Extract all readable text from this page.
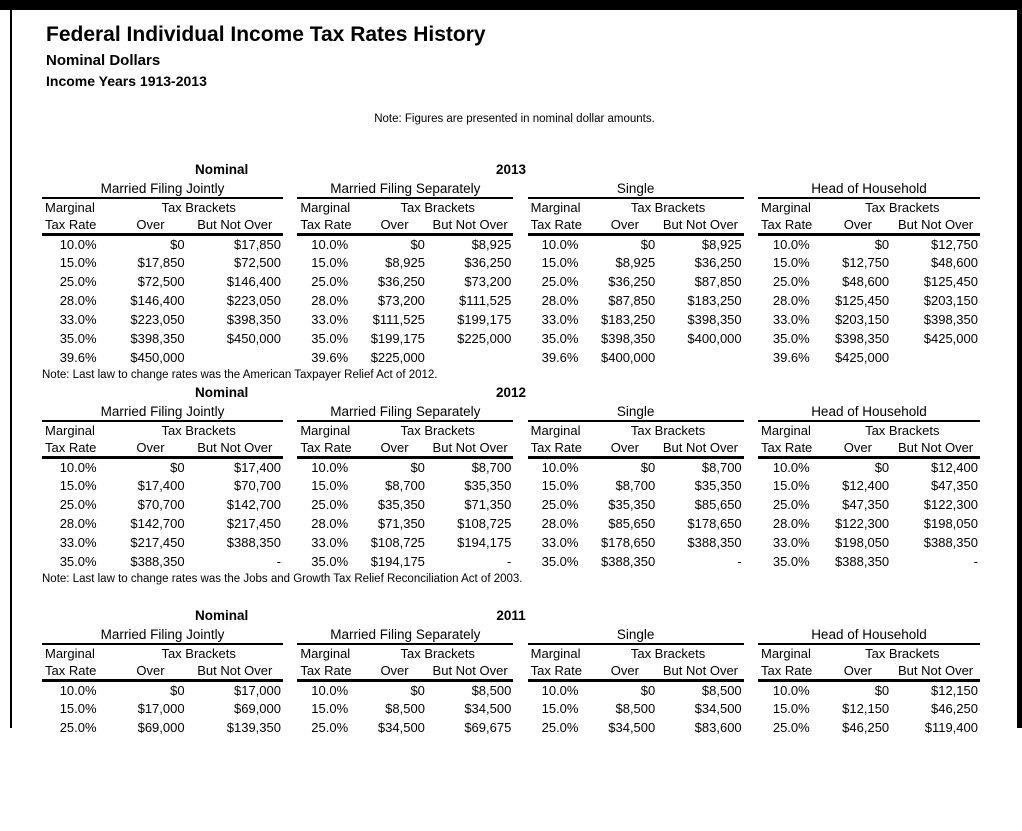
Federal Individual Income Tax Rates History
Nominal Dollars
Income Years 1913-2013
Note: Figures are presented in nominal dollar amounts.
Nominal	2013
Married Filing Jointly		
Marginal	Tax Brackets	
Tax Rate	Over	But Not Over
10.0%	$0	$17,850
15.0%	$17,850	$72,500
25.0%	$72,500	$146,400
28.0%	$146,400	$223,050
33.0%	$223,050	$398,350
35.0%	$398,350	$450,000
39.6%	$450,000	
Married Filing Separately		
Marginal	Tax Brackets	
Tax Rate	Over	But Not Over
10.0%	$0	$8,925
15.0%	$8,925	$36,250
25.0%	$36,250	$73,200
28.0%	$73,200	$111,525
33.0%	$111,525	$199,175
35.0%	$199,175	$225,000
39.6%	$225,000	
Single		
Marginal	Tax Brackets	
Tax Rate	Over	But Not Over
10.0%	$0	$8,925
15.0%	$8,925	$36,250
25.0%	$36,250	$87,850
28.0%	$87,850	$183,250
33.0%	$183,250	$398,350
35.0%	$398,350	$400,000
39.6%	$400,000	
Head of Household		
Marginal	Tax Brackets	
Tax Rate	Over	But Not Over
10.0%	$0	$12,750
15.0%	$12,750	$48,600
25.0%	$48,600	$125,450
28.0%	$125,450	$203,150
33.0%	$203,150	$398,350
35.0%	$398,350	$425,000
39.6%	$425,000	
Note: Last law to change rates was the American Taxpayer Relief Act of 2012.
Nominal	2012
Married Filing Jointly		
Marginal	Tax Brackets	
Tax Rate	Over	But Not Over
10.0%	$0	$17,400
15.0%	$17,400	$70,700
25.0%	$70,700	$142,700
28.0%	$142,700	$217,450
33.0%	$217,450	$388,350
35.0%	$388,350	-
Married Filing Separately		
Marginal	Tax Brackets	
Tax Rate	Over	But Not Over
10.0%	$0	$8,700
15.0%	$8,700	$35,350
25.0%	$35,350	$71,350
28.0%	$71,350	$108,725
33.0%	$108,725	$194,175
35.0%	$194,175	-
Single		
Marginal	Tax Brackets	
Tax Rate	Over	But Not Over
10.0%	$0	$8,700
15.0%	$8,700	$35,350
25.0%	$35,350	$85,650
28.0%	$85,650	$178,650
33.0%	$178,650	$388,350
35.0%	$388,350	-
Head of Household		
Marginal	Tax Brackets	
Tax Rate	Over	But Not Over
10.0%	$0	$12,400
15.0%	$12,400	$47,350
25.0%	$47,350	$122,300
28.0%	$122,300	$198,050
33.0%	$198,050	$388,350
35.0%	$388,350	-
Note: Last law to change rates was the Jobs and Growth Tax Relief Reconciliation Act of 2003.
Nominal	2011
Married Filing Jointly		
Marginal	Tax Brackets	
Tax Rate	Over	But Not Over
10.0%	$0	$17,000
15.0%	$17,000	$69,000
25.0%	$69,000	$139,350
Married Filing Separately		
Marginal	Tax Brackets	
Tax Rate	Over	But Not Over
10.0%	$0	$8,500
15.0%	$8,500	$34,500
25.0%	$34,500	$69,675
Single		
Marginal	Tax Brackets	
Tax Rate	Over	But Not Over
10.0%	$0	$8,500
15.0%	$8,500	$34,500
25.0%	$34,500	$83,600
Head of Household		
Marginal	Tax Brackets	
Tax Rate	Over	But Not Over
10.0%	$0	$12,150
15.0%	$12,150	$46,250
25.0%	$46,250	$119,400
